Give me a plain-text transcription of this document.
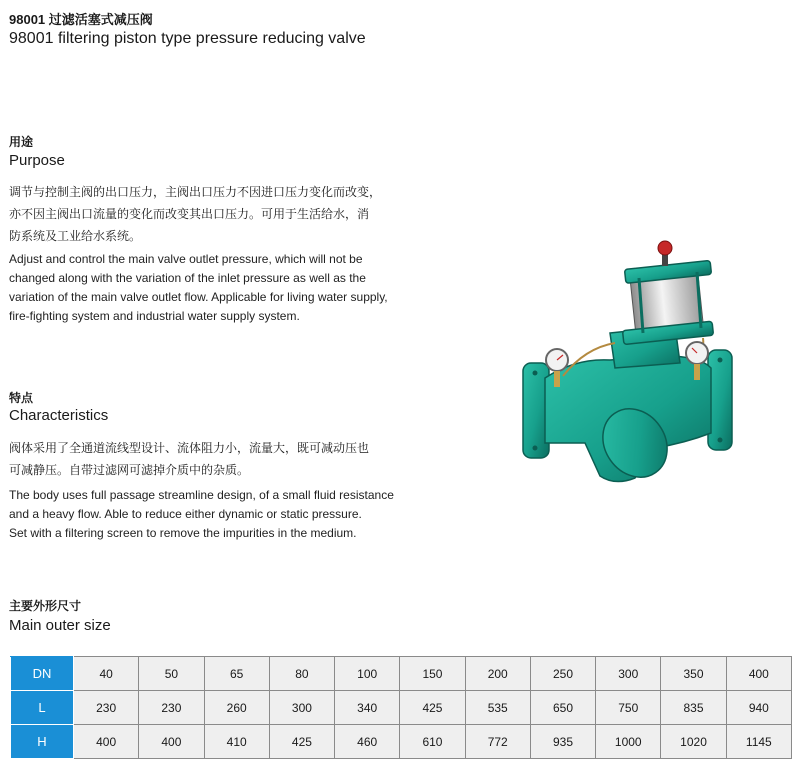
98001 过滤活塞式减压阀
98001 filtering piston type pressure reducing valve
用途
Purpose
调节与控制主阀的出口压力，主阀出口压力不因进口压力变化而改变，
亦不因主阀出口流量的变化而改变其出口压力。可用于生活给水，消
防系统及工业给水系统。
Adjust and control the main valve outlet pressure, which will not be
changed along with the variation of the inlet pressure as well as the
variation of the main valve outlet flow. Applicable for living water supply,
fire-fighting system and industrial water supply system.
特点
Characteristics
阀体采用了全通道流线型设计、流体阻力小，流量大，既可减动压也
可减静压。自带过滤网可滤掉介质中的杂质。
The body uses full passage streamline design, of a small fluid resistance
and a heavy flow. Able to reduce either dynamic or static pressure.
Set with a filtering screen to remove the impurities in the medium.
主要外形尺寸
Main outer size
DN	40	50	65	80	100	150	200	250	300	350	400
L	230	230	260	300	340	425	535	650	750	835	940
H	400	400	410	425	460	610	772	935	1000	1020	1145
